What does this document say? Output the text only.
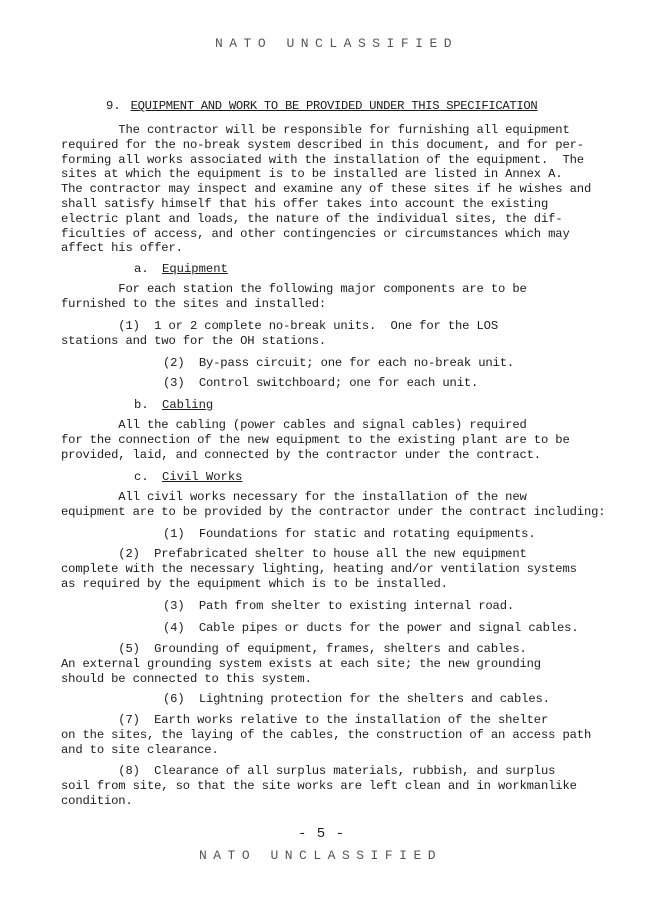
NATO UNCLASSIFIED
9. EQUIPMENT AND WORK TO BE PROVIDED UNDER THIS SPECIFICATION
The contractor will be responsible for furnishing all equipment
required for the no-break system described in this document, and for per-
forming all works associated with the installation of the equipment.  The
sites at which the equipment is to be installed are listed in Annex A.
The contractor may inspect and examine any of these sites if he wishes and
shall satisfy himself that his offer takes into account the existing
electric plant and loads, the nature of the individual sites, the dif-
ficulties of access, and other contingencies or circumstances which may
affect his offer.
a. Equipment
For each station the following major components are to be
furnished to the sites and installed:
(1)  1 or 2 complete no-break units.  One for the LOS
stations and two for the OH stations.
(2)  By-pass circuit; one for each no-break unit.
(3)  Control switchboard; one for each unit.
b. Cabling
All the cabling (power cables and signal cables) required
for the connection of the new equipment to the existing plant are to be
provided, laid, and connected by the contractor under the contract.
c. Civil Works
All civil works necessary for the installation of the new
equipment are to be provided by the contractor under the contract including:
(1)  Foundations for static and rotating equipments.
(2)  Prefabricated shelter to house all the new equipment
complete with the necessary lighting, heating and/or ventilation systems
as required by the equipment which is to be installed.
(3)  Path from shelter to existing internal road.
(4)  Cable pipes or ducts for the power and signal cables.
(5)  Grounding of equipment, frames, shelters and cables.
An external grounding system exists at each site; the new grounding
should be connected to this system.
(6)  Lightning protection for the shelters and cables.
(7)  Earth works relative to the installation of the shelter
on the sites, the laying of the cables, the construction of an access path
and to site clearance.
(8)  Clearance of all surplus materials, rubbish, and surplus
soil from site, so that the site works are left clean and in workmanlike
condition.
- 5 -
NATO UNCLASSIFIED
